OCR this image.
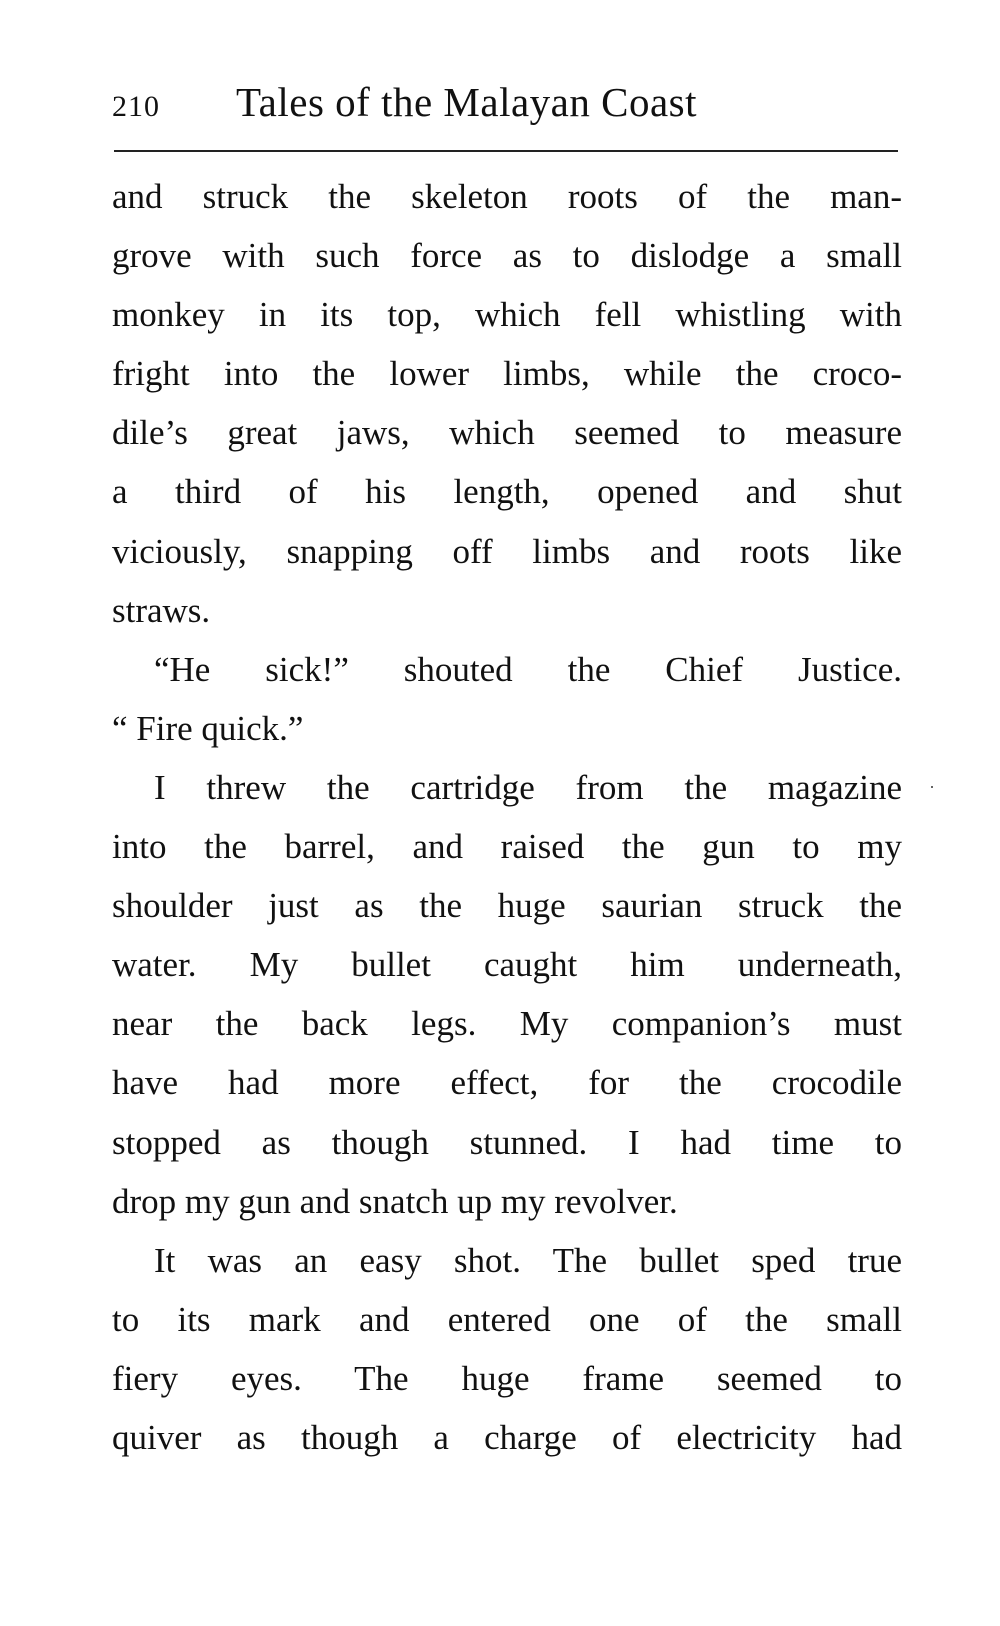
210 Tales of the Malayan Coast
and struck the skeleton roots of the man-
grove with such force as to dislodge a small
monkey in its top, which fell whistling with
fright into the lower limbs, while the croco-
dile’s great jaws, which seemed to measure
a third of his length, opened and shut
viciously, snapping off limbs and roots like
straws.
“He sick!” shouted the Chief Justice.
“ Fire quick.”
I threw the cartridge from the magazine
into the barrel, and raised the gun to my
shoulder just as the huge saurian struck the
water. My bullet caught him underneath,
near the back legs. My companion’s must
have had more effect, for the crocodile
stopped as though stunned. I had time to
drop my gun and snatch up my revolver.
It was an easy shot. The bullet sped true
to its mark and entered one of the small
fiery eyes. The huge frame seemed to
quiver as though a charge of electricity had
